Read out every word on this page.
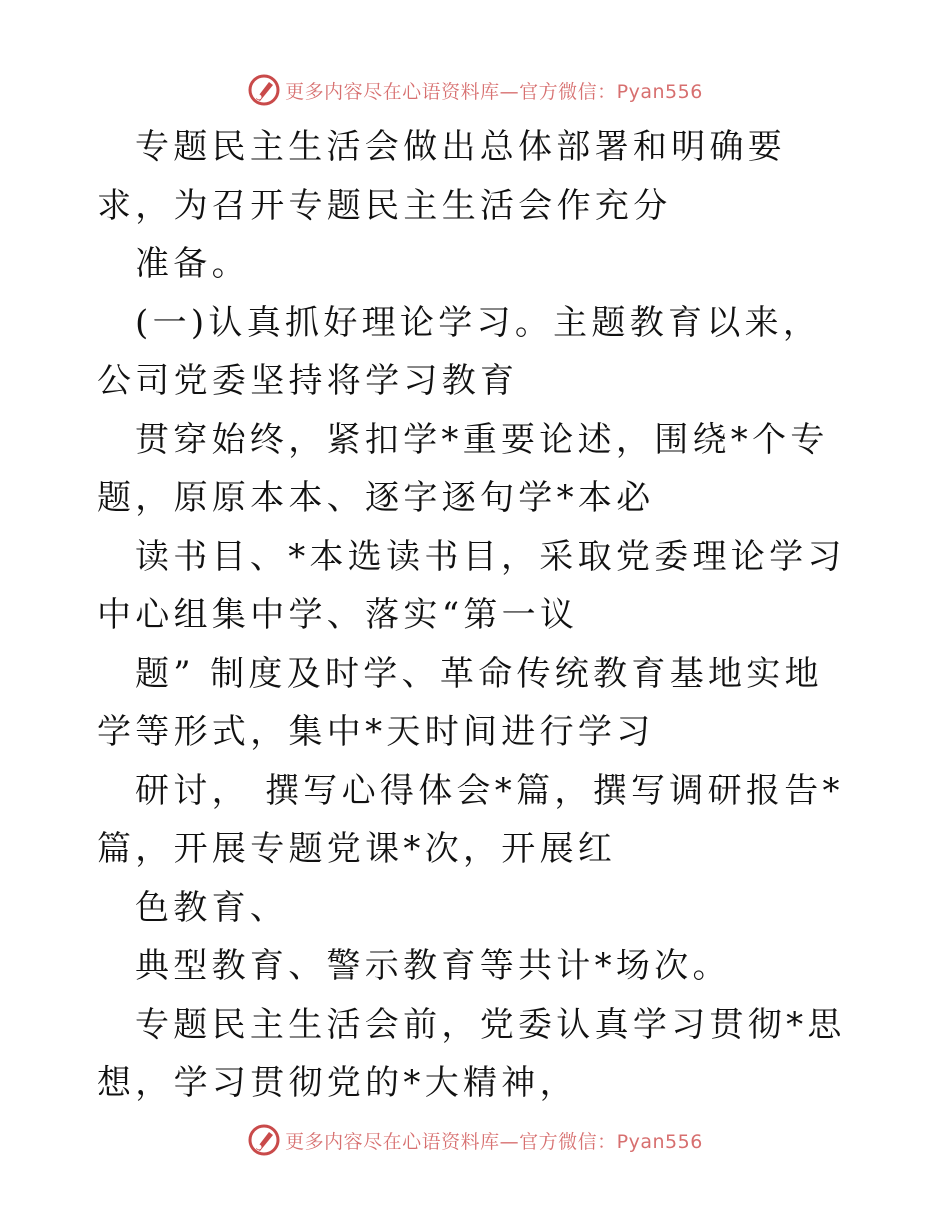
更多内容尽在心语资料库—官方微信：Pyan556

专题民主生活会做出总体部署和明确要求，为召开专题民主生活会作充分

准备。

(一)认真抓好理论学习。主题教育以来，公司党委坚持将学习教育

贯穿始终，紧扣学*重要论述，围绕*个专题，原原本本、逐字逐句学*本必

读书目、*本选读书目，采取党委理论学习中心组集中学、落实“第一议

题” 制度及时学、革命传统教育基地实地学等形式，集中*天时间进行学习

研讨， 撰写心得体会*篇，撰写调研报告*篇，开展专题党课*次，开展红

色教育、

典型教育、警示教育等共计*场次。

专题民主生活会前，党委认真学习贯彻*思想，学习贯彻党的*大精神，

更多内容尽在心语资料库—官方微信：Pyan556
